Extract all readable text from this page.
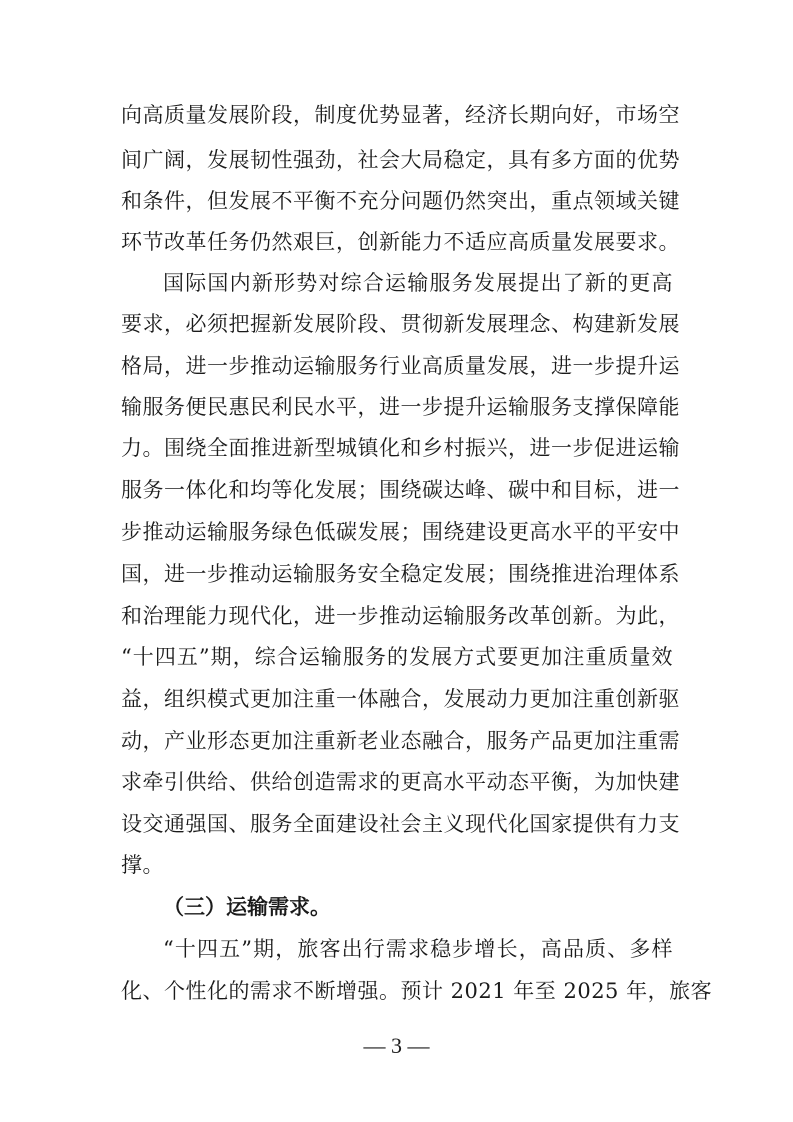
向高质量发展阶段，制度优势显著，经济长期向好，市场空
间广阔，发展韧性强劲，社会大局稳定，具有多方面的优势
和条件，但发展不平衡不充分问题仍然突出，重点领域关键
环节改革任务仍然艰巨，创新能力不适应高质量发展要求。
国际国内新形势对综合运输服务发展提出了新的更高
要求，必须把握新发展阶段、贯彻新发展理念、构建新发展
格局，进一步推动运输服务行业高质量发展，进一步提升运
输服务便民惠民利民水平，进一步提升运输服务支撑保障能
力。围绕全面推进新型城镇化和乡村振兴，进一步促进运输
服务一体化和均等化发展；围绕碳达峰、碳中和目标，进一
步推动运输服务绿色低碳发展；围绕建设更高水平的平安中
国，进一步推动运输服务安全稳定发展；围绕推进治理体系
和治理能力现代化，进一步推动运输服务改革创新。为此，
“十四五”期，综合运输服务的发展方式要更加注重质量效
益，组织模式更加注重一体融合，发展动力更加注重创新驱
动，产业形态更加注重新老业态融合，服务产品更加注重需
求牵引供给、供给创造需求的更高水平动态平衡，为加快建
设交通强国、服务全面建设社会主义现代化国家提供有力支
撑。
（三）运输需求。
“十四五”期，旅客出行需求稳步增长，高品质、多样
化、个性化的需求不断增强。预计 2021 年至 2025 年，旅客
— 3 —
